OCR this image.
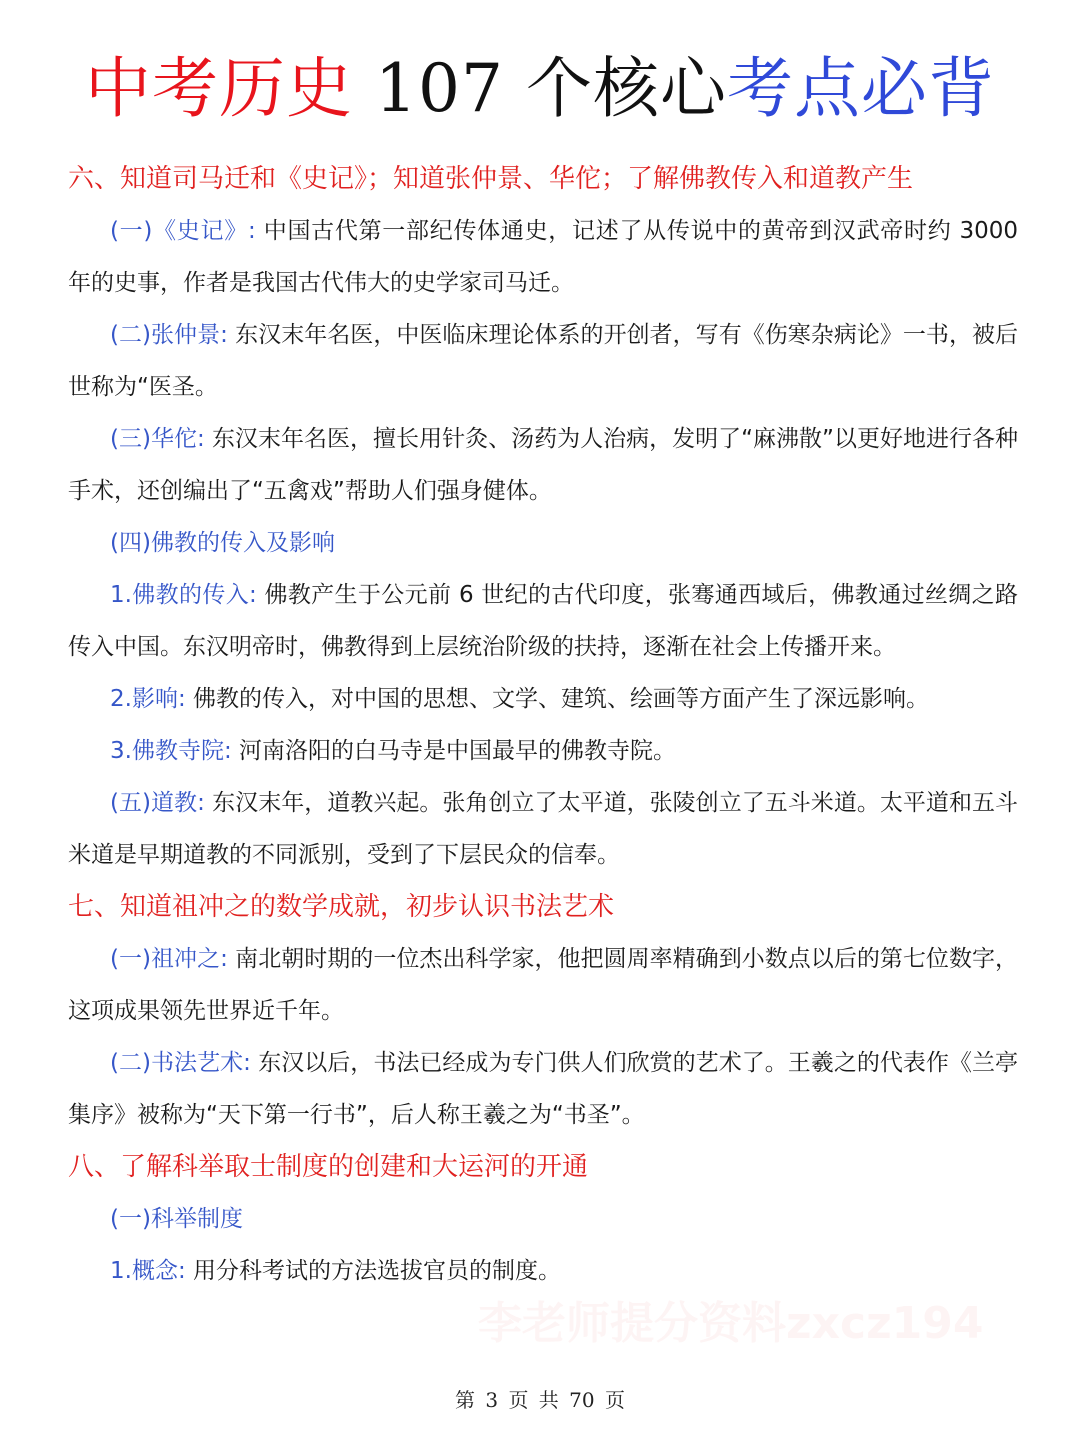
中考历史 107 个核心考点必背
六、知道司马迁和《史记》；知道张仲景、华佗；了解佛教传入和道教产生
(一)《史记》: 中国古代第一部纪传体通史，记述了从传说中的黄帝到汉武帝时约 3000 年的史事，作者是我国古代伟大的史学家司马迁。
(二)张仲景: 东汉末年名医，中医临床理论体系的开创者，写有《伤寒杂病论》一书，被后世称为“医圣。
(三)华佗: 东汉末年名医，擅长用针灸、汤药为人治病，发明了“麻沸散”以更好地进行各种手术，还创编出了“五禽戏”帮助人们强身健体。
(四)佛教的传入及影响
1.佛教的传入: 佛教产生于公元前 6 世纪的古代印度，张骞通西域后，佛教通过丝绸之路传入中国。东汉明帝时，佛教得到上层统治阶级的扶持，逐渐在社会上传播开来。
2.影响: 佛教的传入，对中国的思想、文学、建筑、绘画等方面产生了深远影响。
3.佛教寺院: 河南洛阳的白马寺是中国最早的佛教寺院。
(五)道教: 东汉末年，道教兴起。张角创立了太平道，张陵创立了五斗米道。太平道和五斗米道是早期道教的不同派别，受到了下层民众的信奉。
七、知道祖冲之的数学成就，初步认识书法艺术
(一)祖冲之: 南北朝时期的一位杰出科学家，他把圆周率精确到小数点以后的第七位数字，这项成果领先世界近千年。
(二)书法艺术: 东汉以后，书法已经成为专门供人们欣赏的艺术了。王羲之的代表作《兰亭集序》被称为“天下第一行书”，后人称王羲之为“书圣”。
八、了解科举取士制度的创建和大运河的开通
(一)科举制度
1.概念: 用分科考试的方法选拔官员的制度。
李老师提分资料zxcz194
第 3 页 共 70 页
